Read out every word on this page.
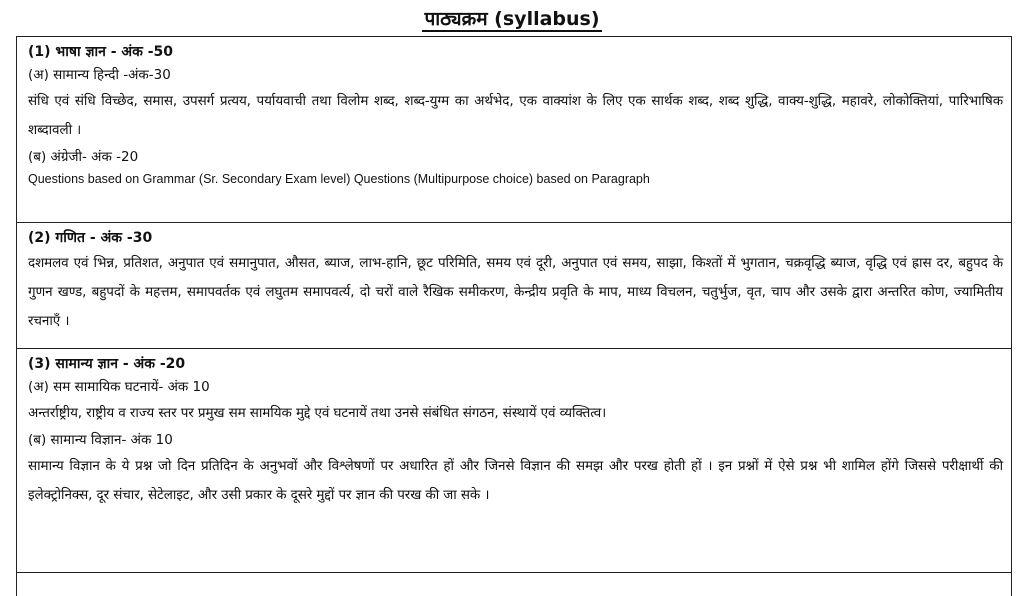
पाठ्यक्रम (syllabus)
(1) भाषा ज्ञान - अंक -50
(अ) सामान्य हिन्दी -अंक-30
संधि एवं संधि विच्छेद, समास, उपसर्ग प्रत्यय, पर्यायवाची तथा विलोम शब्द, शब्द-युग्म का अर्थभेद, एक वाक्यांश के लिए एक सार्थक शब्द, शब्द शुद्धि, वाक्य-शुद्धि, महावरे, लोकोक्तियां, पारिभाषिक शब्दावली ।
(ब) अंग्रेजी- अंक -20
Questions based on Grammar (Sr. Secondary Exam level) Questions (Multipurpose choice) based on Paragraph
(2) गणित - अंक -30
दशमलव एवं भिन्न, प्रतिशत, अनुपात एवं समानुपात, औसत, ब्याज, लाभ-हानि, छूट परिमिति, समय एवं दूरी, अनुपात एवं समय, साझा, किश्तों में भुगतान, चक्रवृद्धि ब्याज, वृद्धि एवं ह्रास दर, बहुपद के गुणन खण्ड, बहुपदों के महत्तम, समापवर्तक एवं लघुतम समापवर्त्य, दो चरों वाले रैखिक समीकरण, केन्द्रीय प्रवृति के माप, माध्य विचलन, चतुर्भुज, वृत, चाप और उसके द्वारा अन्तरित कोण, ज्यामितीय रचनाएँ ।
(3) सामान्य ज्ञान - अंक -20
(अ) सम सामायिक घटनायें- अंक 10
अन्तर्राष्ट्रीय, राष्ट्रीय व राज्य स्तर पर प्रमुख सम सामयिक मुद्दे एवं घटनायें तथा उनसे संबंधित संगठन, संस्थायें एवं व्यक्तित्व।
(ब) सामान्य विज्ञान- अंक 10
सामान्य विज्ञान के ये प्रश्न जो दिन प्रतिदिन के अनुभवों और विश्लेषणों पर अधारित हों और जिनसे विज्ञान की समझ और परख होती हों । इन प्रश्नों में ऐसे प्रश्न भी शामिल होंगे जिससे परीक्षार्थी की इलेक्ट्रोनिक्स, दूर संचार, सेटेलाइट, और उसी प्रकार के दूसरे मुद्दों पर ज्ञान की परख की जा सके ।
